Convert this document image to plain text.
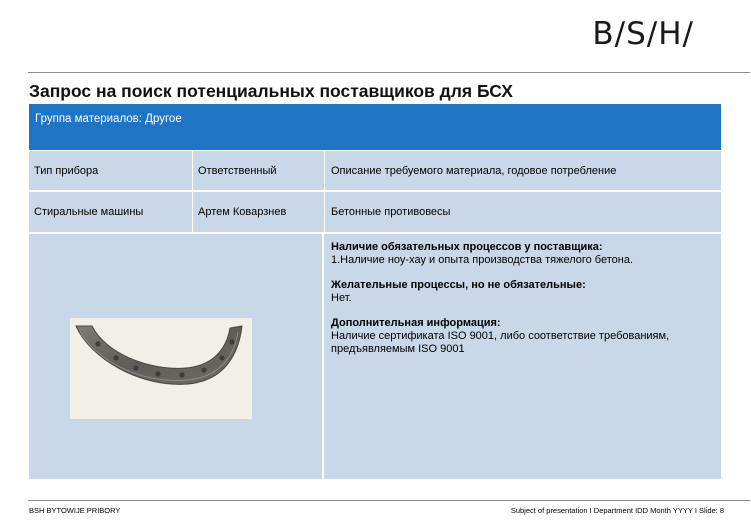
B/S/H/
Запрос на поиск потенциальных поставщиков для БСХ
Группа материалов: Другое
Тип прибора	Ответственный	Описание требуемого материала, годовое потребление
Стиральные машины	Артем Коварзнев	Бетонные противовесы
Наличие обязательных процессов у поставщика:
1.Наличие ноу-хау и опыта производства тяжелого бетона.
Желательные процессы, но не обязательные:
Нет.
Дополнительная информация:
Наличие сертификата ISO 9001, либо соответствие требованиям,
предъявляемым ISO 9001
BSH BYTOWIJE PRIBORY	Subject of presentation I Department IDD Month YYYY I Slide: 8
